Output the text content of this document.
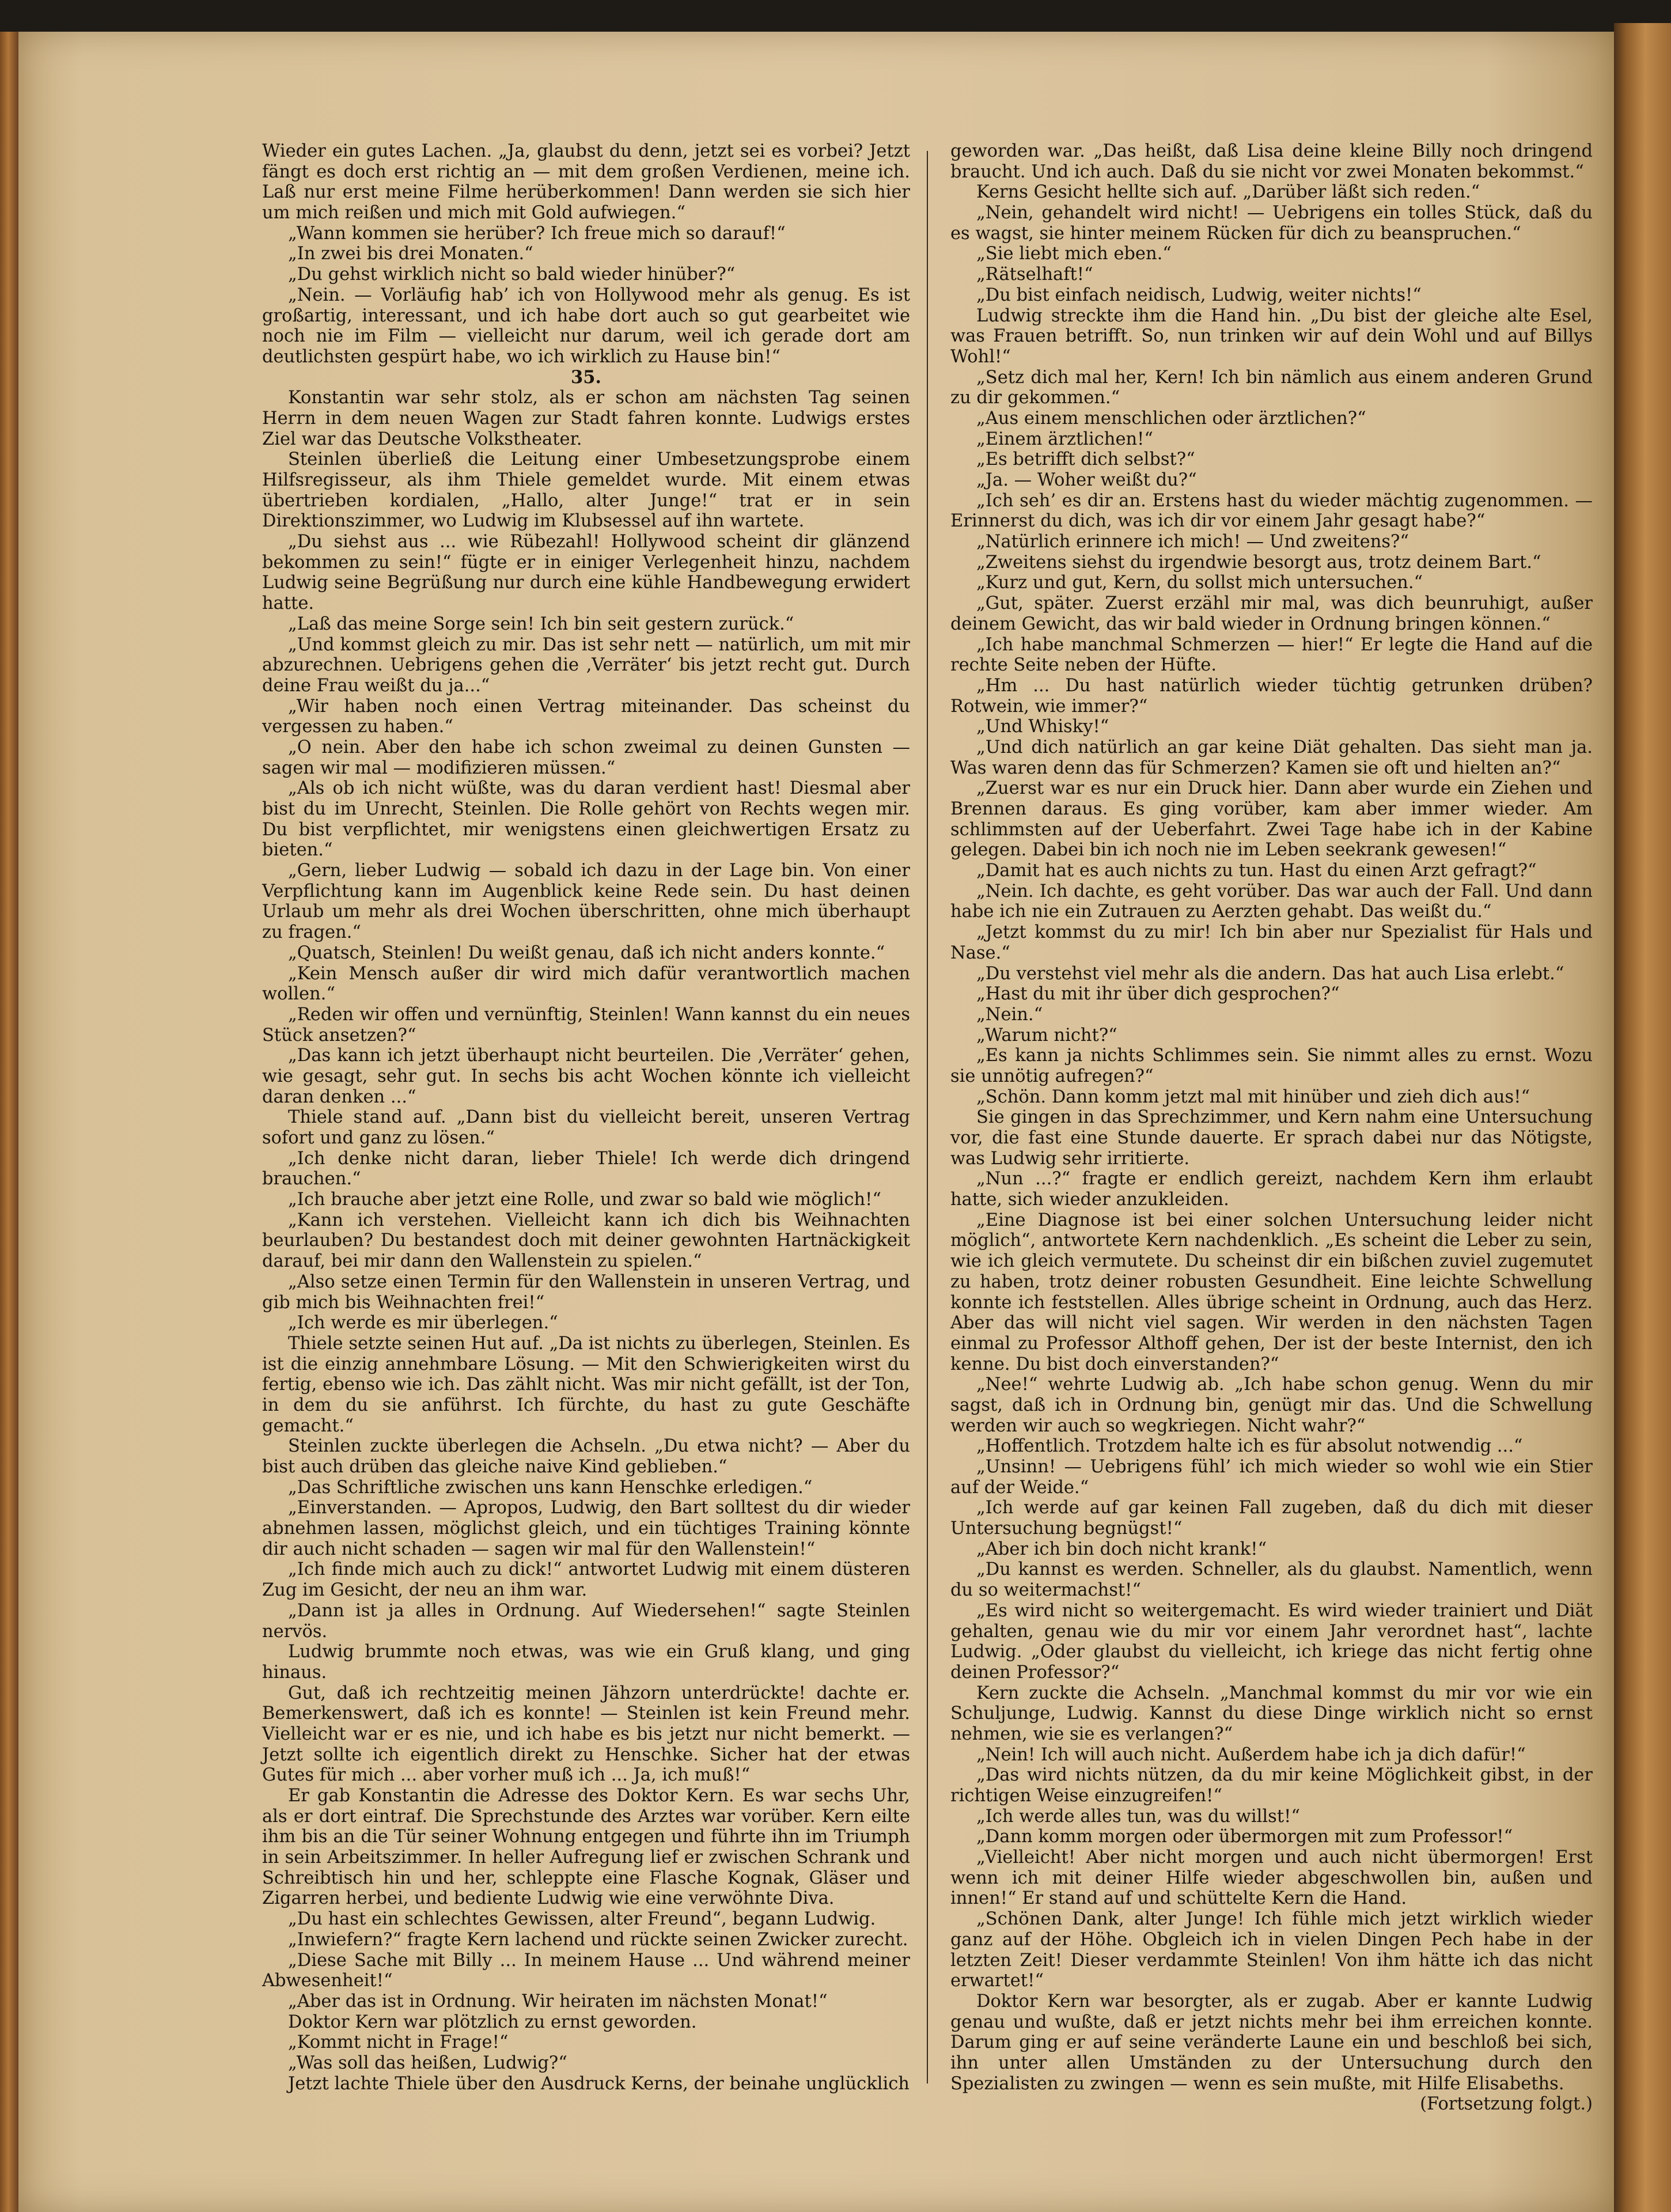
Wieder ein gutes Lachen. „Ja, glaubst du denn, jetzt sei es vorbei? Jetzt fängt es doch erst richtig an — mit dem großen Verdienen, meine ich. Laß nur erst meine Filme herüberkommen! Dann werden sie sich hier um mich reißen und mich mit Gold aufwiegen.“

„Wann kommen sie herüber? Ich freue mich so darauf!“

„In zwei bis drei Monaten.“

„Du gehst wirklich nicht so bald wieder hinüber?“

„Nein. — Vorläufig hab’ ich von Hollywood mehr als genug. Es ist großartig, interessant, und ich habe dort auch so gut gearbeitet wie noch nie im Film — vielleicht nur darum, weil ich gerade dort am deutlichsten gespürt habe, wo ich wirklich zu Hause bin!“

35.

Konstantin war sehr stolz, als er schon am nächsten Tag seinen Herrn in dem neuen Wagen zur Stadt fahren konnte. Ludwigs erstes Ziel war das Deutsche Volkstheater.

Steinlen überließ die Leitung einer Umbesetzungsprobe einem Hilfsregisseur, als ihm Thiele gemeldet wurde. Mit einem etwas übertrieben kordialen, „Hallo, alter Junge!“ trat er in sein Direktionszimmer, wo Ludwig im Klubsessel auf ihn wartete.

„Du siehst aus ... wie Rübezahl! Hollywood scheint dir glänzend bekommen zu sein!“ fügte er in einiger Verlegenheit hinzu, nachdem Ludwig seine Begrüßung nur durch eine kühle Handbewegung erwidert hatte.

„Laß das meine Sorge sein! Ich bin seit gestern zurück.“

„Und kommst gleich zu mir. Das ist sehr nett — natürlich, um mit mir abzurechnen. Uebrigens gehen die ‚Verräter‘ bis jetzt recht gut. Durch deine Frau weißt du ja...“

„Wir haben noch einen Vertrag miteinander. Das scheinst du vergessen zu haben.“

„O nein. Aber den habe ich schon zweimal zu deinen Gunsten — sagen wir mal — modifizieren müssen.“

„Als ob ich nicht wüßte, was du daran verdient hast! Diesmal aber bist du im Unrecht, Steinlen. Die Rolle gehört von Rechts wegen mir. Du bist verpflichtet, mir wenigstens einen gleichwertigen Ersatz zu bieten.“

„Gern, lieber Ludwig — sobald ich dazu in der Lage bin. Von einer Verpflichtung kann im Augenblick keine Rede sein. Du hast deinen Urlaub um mehr als drei Wochen überschritten, ohne mich überhaupt zu fragen.“

„Quatsch, Steinlen! Du weißt genau, daß ich nicht anders konnte.“

„Kein Mensch außer dir wird mich dafür verantwortlich machen wollen.“

„Reden wir offen und vernünftig, Steinlen! Wann kannst du ein neues Stück ansetzen?“

„Das kann ich jetzt überhaupt nicht beurteilen. Die ‚Verräter‘ gehen, wie gesagt, sehr gut. In sechs bis acht Wochen könnte ich vielleicht daran denken ...“

Thiele stand auf. „Dann bist du vielleicht bereit, unseren Vertrag sofort und ganz zu lösen.“

„Ich denke nicht daran, lieber Thiele! Ich werde dich dringend brauchen.“

„Ich brauche aber jetzt eine Rolle, und zwar so bald wie möglich!“

„Kann ich verstehen. Vielleicht kann ich dich bis Weihnachten beurlauben? Du bestandest doch mit deiner gewohnten Hartnäckigkeit darauf, bei mir dann den Wallenstein zu spielen.“

„Also setze einen Termin für den Wallenstein in unseren Vertrag, und gib mich bis Weihnachten frei!“

„Ich werde es mir überlegen.“

Thiele setzte seinen Hut auf. „Da ist nichts zu überlegen, Steinlen. Es ist die einzig annehmbare Lösung. — Mit den Schwierigkeiten wirst du fertig, ebenso wie ich. Das zählt nicht. Was mir nicht gefällt, ist der Ton, in dem du sie anführst. Ich fürchte, du hast zu gute Geschäfte gemacht.“

Steinlen zuckte überlegen die Achseln. „Du etwa nicht? — Aber du bist auch drüben das gleiche naive Kind geblieben.“

„Das Schriftliche zwischen uns kann Henschke erledigen.“

„Einverstanden. — Apropos, Ludwig, den Bart solltest du dir wieder abnehmen lassen, möglichst gleich, und ein tüchtiges Training könnte dir auch nicht schaden — sagen wir mal für den Wallenstein!“

„Ich finde mich auch zu dick!“ antwortet Ludwig mit einem düsteren Zug im Gesicht, der neu an ihm war.

„Dann ist ja alles in Ordnung. Auf Wiedersehen!“ sagte Steinlen nervös.

Ludwig brummte noch etwas, was wie ein Gruß klang, und ging hinaus.

Gut, daß ich rechtzeitig meinen Jähzorn unterdrückte! dachte er. Bemerkenswert, daß ich es konnte! — Steinlen ist kein Freund mehr. Vielleicht war er es nie, und ich habe es bis jetzt nur nicht bemerkt. — Jetzt sollte ich eigentlich direkt zu Henschke. Sicher hat der etwas Gutes für mich ... aber vorher muß ich ... Ja, ich muß!“

Er gab Konstantin die Adresse des Doktor Kern. Es war sechs Uhr, als er dort eintraf. Die Sprechstunde des Arztes war vorüber. Kern eilte ihm bis an die Tür seiner Wohnung entgegen und führte ihn im Triumph in sein Arbeitszimmer. In heller Aufregung lief er zwischen Schrank und Schreibtisch hin und her, schleppte eine Flasche Kognak, Gläser und Zigarren herbei, und bediente Ludwig wie eine verwöhnte Diva.

„Du hast ein schlechtes Gewissen, alter Freund“, begann Ludwig.

„Inwiefern?“ fragte Kern lachend und rückte seinen Zwicker zurecht.

„Diese Sache mit Billy ... In meinem Hause ... Und während meiner Abwesenheit!“

„Aber das ist in Ordnung. Wir heiraten im nächsten Monat!“

Doktor Kern war plötzlich zu ernst geworden.

„Kommt nicht in Frage!“

„Was soll das heißen, Ludwig?“

Jetzt lachte Thiele über den Ausdruck Kerns, der beinahe unglücklich

geworden war. „Das heißt, daß Lisa deine kleine Billy noch dringend braucht. Und ich auch. Daß du sie nicht vor zwei Monaten bekommst.“

Kerns Gesicht hellte sich auf. „Darüber läßt sich reden.“

„Nein, gehandelt wird nicht! — Uebrigens ein tolles Stück, daß du es wagst, sie hinter meinem Rücken für dich zu beanspruchen.“

„Sie liebt mich eben.“

„Rätselhaft!“

„Du bist einfach neidisch, Ludwig, weiter nichts!“

Ludwig streckte ihm die Hand hin. „Du bist der gleiche alte Esel, was Frauen betrifft. So, nun trinken wir auf dein Wohl und auf Billys Wohl!“

„Setz dich mal her, Kern! Ich bin nämlich aus einem anderen Grund zu dir gekommen.“

„Aus einem menschlichen oder ärztlichen?“

„Einem ärztlichen!“

„Es betrifft dich selbst?“

„Ja. — Woher weißt du?“

„Ich seh’ es dir an. Erstens hast du wieder mächtig zugenommen. — Erinnerst du dich, was ich dir vor einem Jahr gesagt habe?“

„Natürlich erinnere ich mich! — Und zweitens?“

„Zweitens siehst du irgendwie besorgt aus, trotz deinem Bart.“

„Kurz und gut, Kern, du sollst mich untersuchen.“

„Gut, später. Zuerst erzähl mir mal, was dich beunruhigt, außer deinem Gewicht, das wir bald wieder in Ordnung bringen können.“

„Ich habe manchmal Schmerzen — hier!“ Er legte die Hand auf die rechte Seite neben der Hüfte.

„Hm ... Du hast natürlich wieder tüchtig getrunken drüben? Rotwein, wie immer?“

„Und Whisky!“

„Und dich natürlich an gar keine Diät gehalten. Das sieht man ja. Was waren denn das für Schmerzen? Kamen sie oft und hielten an?“

„Zuerst war es nur ein Druck hier. Dann aber wurde ein Ziehen und Brennen daraus. Es ging vorüber, kam aber immer wieder. Am schlimmsten auf der Ueberfahrt. Zwei Tage habe ich in der Kabine gelegen. Dabei bin ich noch nie im Leben seekrank gewesen!“

„Damit hat es auch nichts zu tun. Hast du einen Arzt gefragt?“

„Nein. Ich dachte, es geht vorüber. Das war auch der Fall. Und dann habe ich nie ein Zutrauen zu Aerzten gehabt. Das weißt du.“

„Jetzt kommst du zu mir! Ich bin aber nur Spezialist für Hals und Nase.“

„Du verstehst viel mehr als die andern. Das hat auch Lisa erlebt.“

„Hast du mit ihr über dich gesprochen?“

„Nein.“

„Warum nicht?“

„Es kann ja nichts Schlimmes sein. Sie nimmt alles zu ernst. Wozu sie unnötig aufregen?“

„Schön. Dann komm jetzt mal mit hinüber und zieh dich aus!“

Sie gingen in das Sprechzimmer, und Kern nahm eine Untersuchung vor, die fast eine Stunde dauerte. Er sprach dabei nur das Nötigste, was Ludwig sehr irritierte.

„Nun ...?“ fragte er endlich gereizt, nachdem Kern ihm erlaubt hatte, sich wieder anzukleiden.

„Eine Diagnose ist bei einer solchen Untersuchung leider nicht möglich“, antwortete Kern nachdenklich. „Es scheint die Leber zu sein, wie ich gleich vermutete. Du scheinst dir ein bißchen zuviel zugemutet zu haben, trotz deiner robusten Gesundheit. Eine leichte Schwellung konnte ich feststellen. Alles übrige scheint in Ordnung, auch das Herz. Aber das will nicht viel sagen. Wir werden in den nächsten Tagen einmal zu Professor Althoff gehen, Der ist der beste Internist, den ich kenne. Du bist doch einverstanden?“

„Nee!“ wehrte Ludwig ab. „Ich habe schon genug. Wenn du mir sagst, daß ich in Ordnung bin, genügt mir das. Und die Schwellung werden wir auch so wegkriegen. Nicht wahr?“

„Hoffentlich. Trotzdem halte ich es für absolut notwendig ...“

„Unsinn! — Uebrigens fühl’ ich mich wieder so wohl wie ein Stier auf der Weide.“

„Ich werde auf gar keinen Fall zugeben, daß du dich mit dieser Untersuchung begnügst!“

„Aber ich bin doch nicht krank!“

„Du kannst es werden. Schneller, als du glaubst. Namentlich, wenn du so weitermachst!“

„Es wird nicht so weitergemacht. Es wird wieder trainiert und Diät gehalten, genau wie du mir vor einem Jahr verordnet hast“, lachte Ludwig. „Oder glaubst du vielleicht, ich kriege das nicht fertig ohne deinen Professor?“

Kern zuckte die Achseln. „Manchmal kommst du mir vor wie ein Schuljunge, Ludwig. Kannst du diese Dinge wirklich nicht so ernst nehmen, wie sie es verlangen?“

„Nein! Ich will auch nicht. Außerdem habe ich ja dich dafür!“

„Das wird nichts nützen, da du mir keine Möglichkeit gibst, in der richtigen Weise einzugreifen!“

„Ich werde alles tun, was du willst!“

„Dann komm morgen oder übermorgen mit zum Professor!“

„Vielleicht! Aber nicht morgen und auch nicht übermorgen! Erst wenn ich mit deiner Hilfe wieder abgeschwollen bin, außen und innen!“ Er stand auf und schüttelte Kern die Hand.

„Schönen Dank, alter Junge! Ich fühle mich jetzt wirklich wieder ganz auf der Höhe. Obgleich ich in vielen Dingen Pech habe in der letzten Zeit! Dieser verdammte Steinlen! Von ihm hätte ich das nicht erwartet!“

Doktor Kern war besorgter, als er zugab. Aber er kannte Ludwig genau und wußte, daß er jetzt nichts mehr bei ihm erreichen konnte. Darum ging er auf seine veränderte Laune ein und beschloß bei sich, ihn unter allen Umständen zu der Untersuchung durch den Spezialisten zu zwingen — wenn es sein mußte, mit Hilfe Elisabeths.

(Fortsetzung folgt.)
